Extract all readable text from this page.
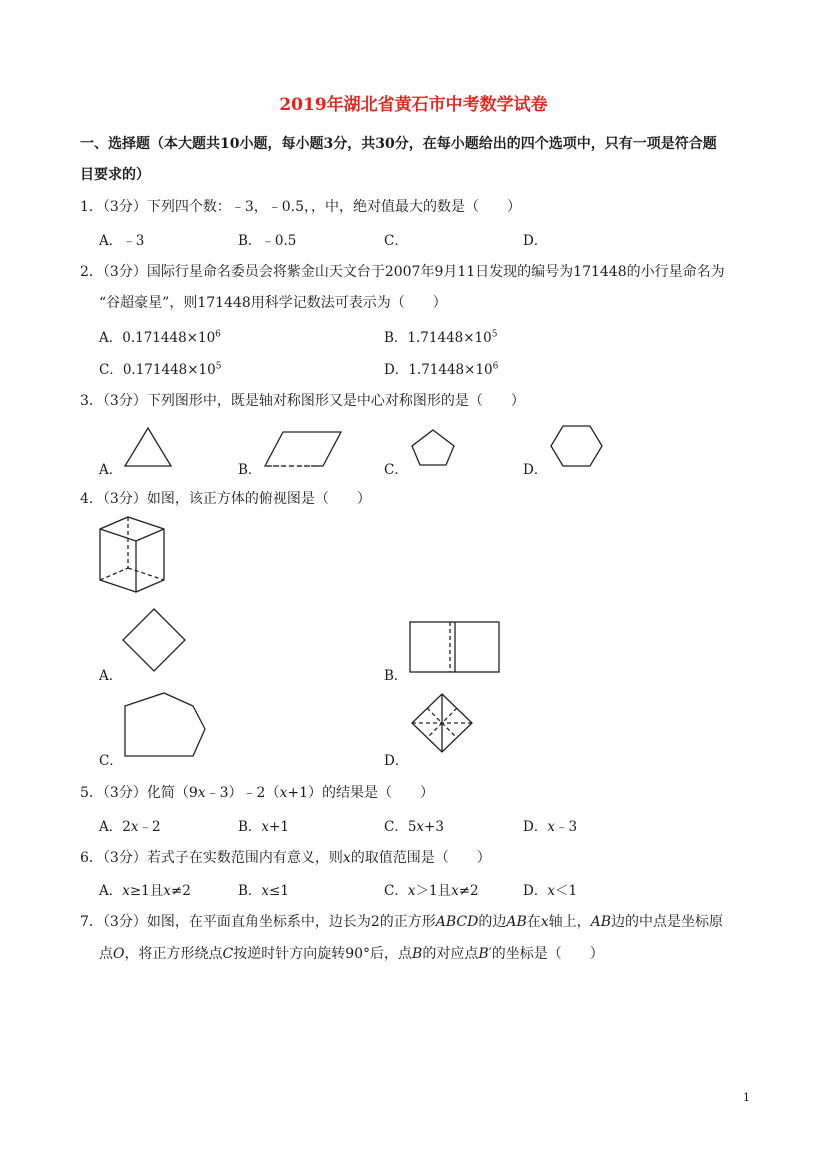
2019年湖北省黄石市中考数学试卷
一、选择题（本大题共10小题，每小题3分，共30分，在每小题给出的四个选项中，只有一项是符合题
目要求的）
1．（3分）下列四个数：﹣3，﹣0.5，，中，绝对值最大的数是（　　）
A．﹣3	B．﹣0.5	C．	D．
2．（3分）国际行星命名委员会将紫金山天文台于2007年9月11日发现的编号为171448的小行星命名为
“谷超豪星”，则171448用科学记数法可表示为（　　）
A．$0.171448\times 10^6$	B．$1.71448\times 10^5$
C．$0.171448\times 10^5$	D．$1.71448\times 10^6$
3．（3分）下列图形中，既是轴对称图形又是中心对称图形的是（　　）
A．	B．	C．	D．
4．（3分）如图，该正方体的俯视图是（　　）
A．	B．
C．	D．
5．（3分）化简（9x﹣3）﹣2（x+1）的结果是（　　）
A．2x﹣2	B．x+1	C．5x+3	D．x﹣3
6．（3分）若式子在实数范围内有意义，则x的取值范围是（　　）
A．x≥1且x≠2	B．x≤1	C．x＞1且x≠2	D．x＜1
7．（3分）如图，在平面直角坐标系中，边长为2的正方形ABCD的边AB在x轴上，AB边的中点是坐标原
点O，将正方形绕点C按逆时针方向旋转90°后，点B的对应点B′的坐标是（　　）
1
